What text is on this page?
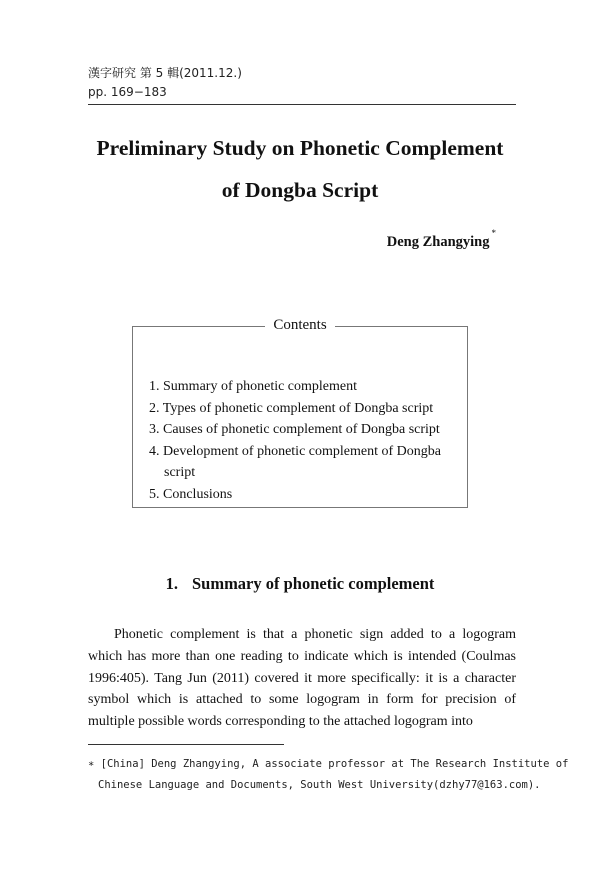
漢字研究 第 5 輯(2011.12.)
pp. 169−183
Preliminary Study on Phonetic Complement
of Dongba Script
Deng Zhangying*
Contents
1. Summary of phonetic complement
2. Types of phonetic complement of Dongba script
3. Causes of phonetic complement of Dongba script
4. Development of phonetic complement of Dongba script
5. Conclusions
1. Summary of phonetic complement

Phonetic complement is that a phonetic sign added to a logogram which has more than one reading to indicate which is intended (Coulmas 1996:405). Tang Jun (2011) covered it more specifically: it is a character symbol which is attached to some logogram in form for precision of multiple possible words corresponding to the attached logogram into

∗ [China] Deng Zhangying, A associate professor at The Research Institute of
Chinese Language and Documents, South West University(dzhy77@163.com).
